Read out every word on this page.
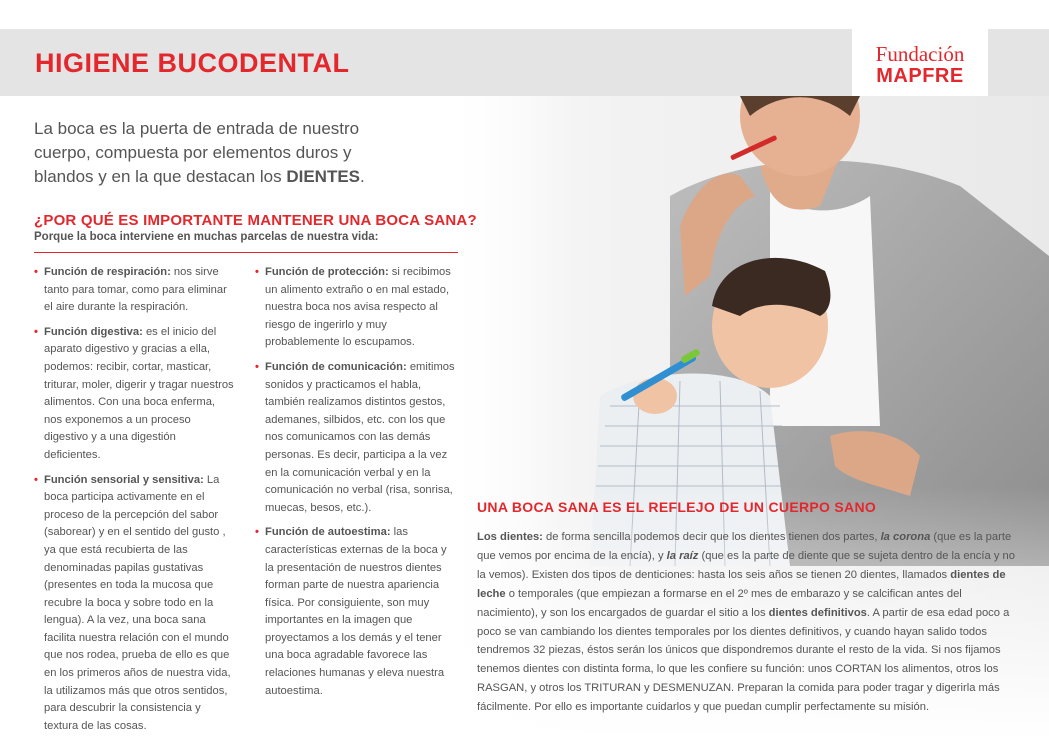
HIGIENE BUCODENTAL	Fundación
MAPFRE

La boca es la puerta de entrada de nuestro cuerpo, compuesta por elementos duros y blandos y en la que destacan los DIENTES.

¿POR QUÉ ES IMPORTANTE MANTENER UNA BOCA SANA?

Porque la boca interviene en muchas parcelas de nuestra vida:

• Función de respiración: nos sirve tanto para tomar, como para eliminar el aire durante la respiración.
• Función digestiva: es el inicio del aparato digestivo y gracias a ella, podemos: recibir, cortar, masticar, triturar, moler, digerir y tragar nuestros alimentos. Con una boca enferma, nos exponemos a un proceso digestivo y a una digestión deficientes.
• Función sensorial y sensitiva: La boca participa activamente en el proceso de la percepción del sabor (saborear) y en el sentido del gusto , ya que está recubierta de las denominadas papilas gustativas (presentes en toda la mucosa que recubre la boca y sobre todo en la lengua). A la vez, una boca sana facilita nuestra relación con el mundo que nos rodea, prueba de ello es que en los primeros años de nuestra vida, la utilizamos más que otros sentidos, para descubrir la consistencia y textura de las cosas.
• Función de protección: si recibimos un alimento extraño o en mal estado, nuestra boca nos avisa respecto al riesgo de ingerirlo y muy probablemente lo escupamos.
• Función de comunicación: emitimos sonidos y practicamos el habla, también realizamos distintos gestos, ademanes, silbidos, etc. con los que nos comunicamos con las demás personas. Es decir, participa a la vez en la comunicación verbal y en la comunicación no verbal (risa, sonrisa, muecas, besos, etc.).
• Función de autoestima: las características externas de la boca y la presentación de nuestros dientes forman parte de nuestra apariencia física. Por consiguiente, son muy importantes en la imagen que proyectamos a los demás y el tener una boca agradable favorece las relaciones humanas y eleva nuestra autoestima.
UNA BOCA SANA ES EL REFLEJO DE UN CUERPO SANO

Los dientes: de forma sencilla podemos decir que los dientes tienen dos partes, la corona (que es la parte que vemos por encima de la encía), y la raíz (que es la parte de diente que se sujeta dentro de la encía y no la vemos). Existen dos tipos de denticiones: hasta los seis años se tienen 20 dientes, llamados dientes de leche o temporales (que empiezan a formarse en el 2º mes de embarazo y se calcifican antes del nacimiento), y son los encargados de guardar el sitio a los dientes definitivos. A partir de esa edad poco a poco se van cambiando los dientes temporales por los dientes definitivos, y cuando hayan salido todos tendremos 32 piezas, éstos serán los únicos que dispondremos durante el resto de la vida. Si nos fijamos tenemos dientes con distinta forma, lo que les confiere su función: unos CORTAN los alimentos, otros los RASGAN, y otros los TRITURAN y DESMENUZAN. Preparan la comida para poder tragar y digerirla más fácilmente. Por ello es importante cuidarlos y que puedan cumplir perfectamente su misión.
